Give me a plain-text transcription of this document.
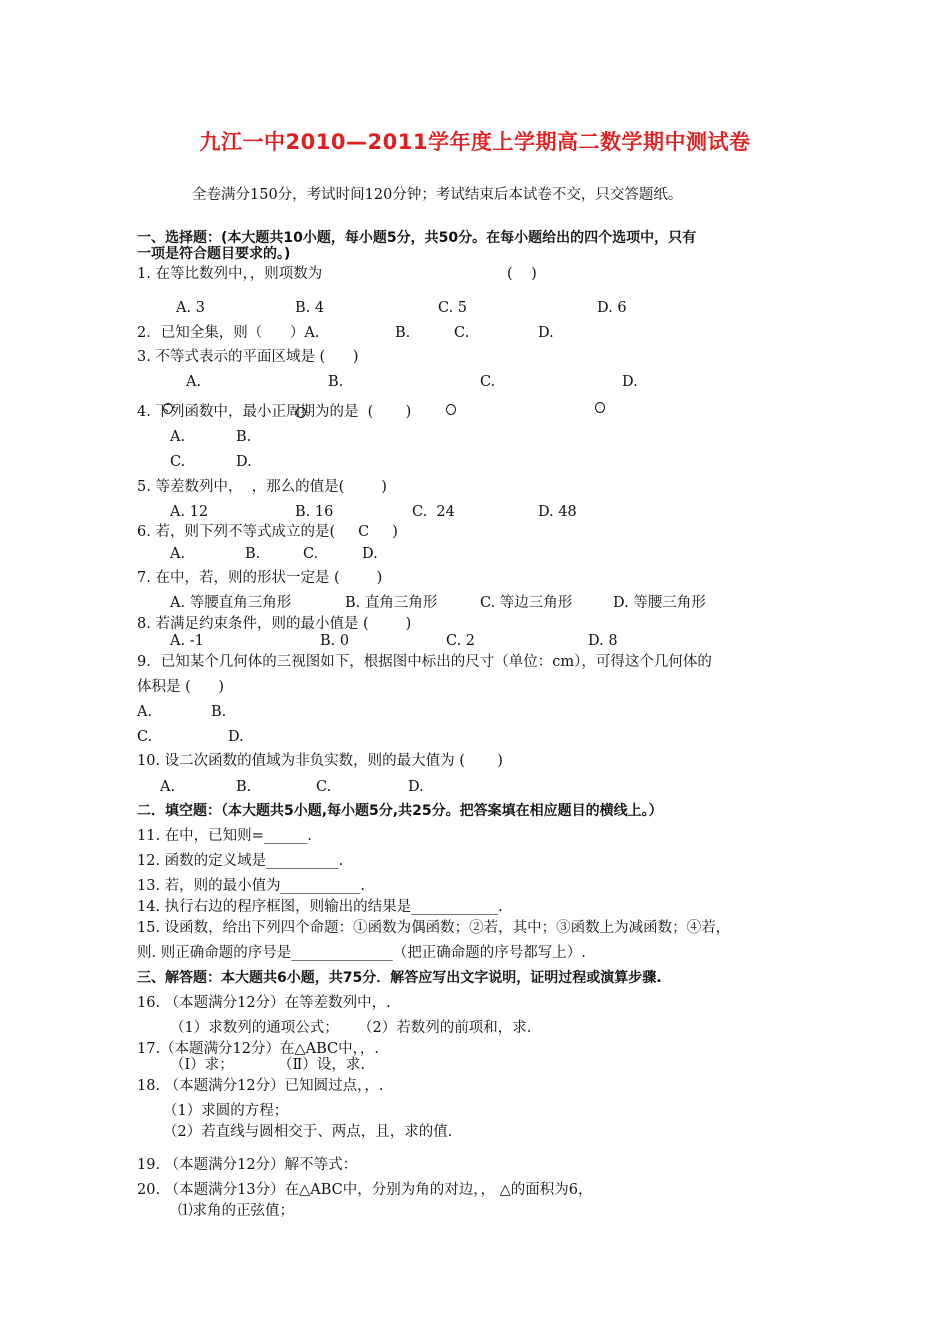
九江一中2010—2011学年度上学期高二数学期中测试卷
全卷满分150分，考试时间120分钟；考试结束后本试卷不交，只交答题纸。
一、选择题：(本大题共10小题，每小题5分，共50分。在每小题给出的四个选项中，只有
一项是符合题目要求的。)
1. 在等比数列中，，则项数为	(    )
A. 3	B. 4	C. 5	D. 6
2．已知全集，则（      ）A.	B.	C.	D.
3. 不等式表示的平面区域是 (      )
A.	B.	C.	D.
4. 下列函数中，最小正周期为的是  (       )
A.	B.
C.	D.
5. 等差数列中，  ，那么的值是(        )
A. 12	B. 16	C.  24	D. 48
6. 若，则下列不等式成立的是(     C     )
A.	B.	C.	D.
7. 在中，若，则的形状一定是 (        )
A. 等腰直角三角形	B. 直角三角形	C. 等边三角形	D. 等腰三角形
8. 若满足约束条件，则的最小值是 (        )
A. -1	B. 0	C. 2	D. 8
9．已知某个几何体的三视图如下，根据图中标出的尺寸（单位：cm），可得这个几何体的
体积是 (      )
A.	B.
C.	D.
10. 设二次函数的值域为非负实数，则的最大值为 (       )
A.	B.	C.	D.
二．填空题：（本大题共5小题,每小题5分,共25分。把答案填在相应题目的横线上。）
11. 在中，已知则=______.
12. 函数的定义域是__________.
13. 若，则的最小值为___________.
14. 执行右边的程序框图，则输出的结果是____________.
15. 设函数，给出下列四个命题：①函数为偶函数；②若，其中；③函数上为减函数；④若，
则. 则正确命题的序号是______________（把正确命题的序号都写上）.
三、解答题：本大题共6小题，共75分．解答应写出文字说明，证明过程或演算步骤.
16. （本题满分12分）在等差数列中，.
（1）求数列的通项公式； （2）若数列的前项和，求.
17.（本题满分12分）在△ABC中，，.
（Ⅰ）求；	（Ⅱ）设，求.
18. （本题满分12分）已知圆过点，，.
（1）求圆的方程；
（2）若直线与圆相交于、两点，且，求的值.
19. （本题满分12分）解不等式：
20. （本题满分13分）在△ABC中，分别为角的对边，， △的面积为6，
⑴求角的正弦值；
